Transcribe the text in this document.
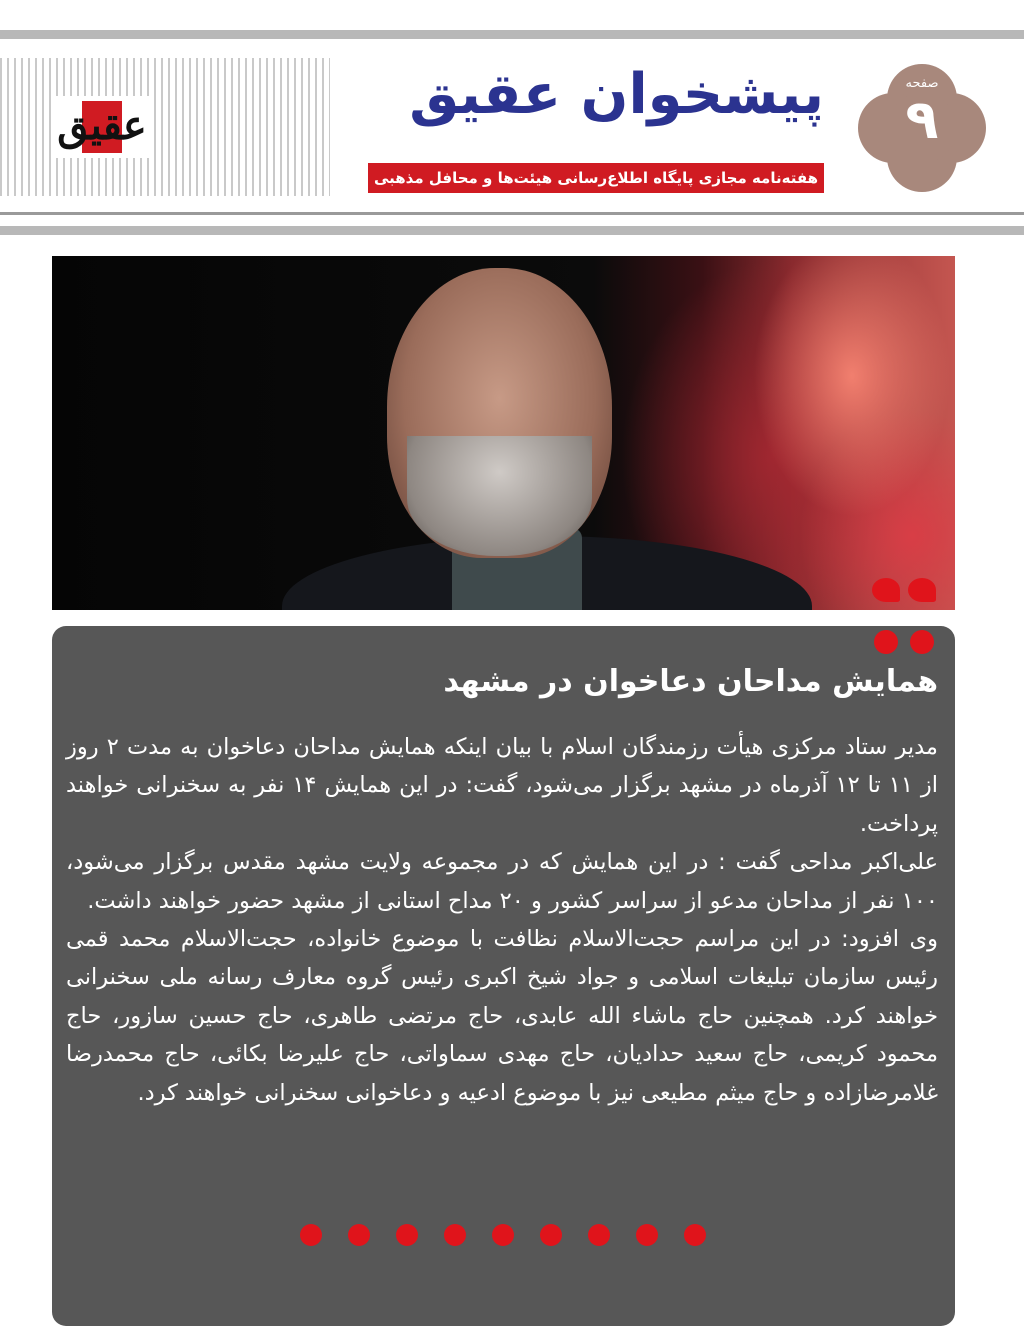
عقیق	پیشخوان عقیق
هفته‌نامه مجازی پایگاه اطلاع‌رسانی هیئت‌ها و محافل مذهبی
صفحه
۹
همایش مداحان دعاخوان در مشهد

مدیر ستاد مرکزی هیأت رزمندگان اسلام با بیان اینکه همایش مداحان دعاخوان به مدت ۲ روز از ۱۱ تا ۱۲ آذرماه در مشهد برگزار می‌شود، گفت: در این همایش ۱۴ نفر به سخنرانی خواهند پرداخت.

علی‌اکبر مداحی گفت : در این همایش که در مجموعه ولایت مشهد مقدس برگزار می‌شود، ۱۰۰ نفر از مداحان مدعو از سراسر کشور و ۲۰ مداح استانی از مشهد حضور خواهند داشت.

وی افزود: در این مراسم حجت‌الاسلام نظافت با موضوع خانواده، حجت‌الاسلام محمد قمی رئیس سازمان تبلیغات اسلامی و جواد شیخ اکبری رئیس گروه معارف رسانه ملی سخنرانی خواهند کرد. همچنین حاج ماشاء الله عابدی، حاج مرتضی طاهری، حاج حسین سازور، حاج محمود کریمی، حاج سعید حدادیان، حاج مهدی سماواتی، حاج علیرضا بکائی، حاج محمدرضا غلامرضازاده و حاج میثم مطیعی نیز با موضوع ادعیه و دعاخوانی سخنرانی خواهند کرد.
